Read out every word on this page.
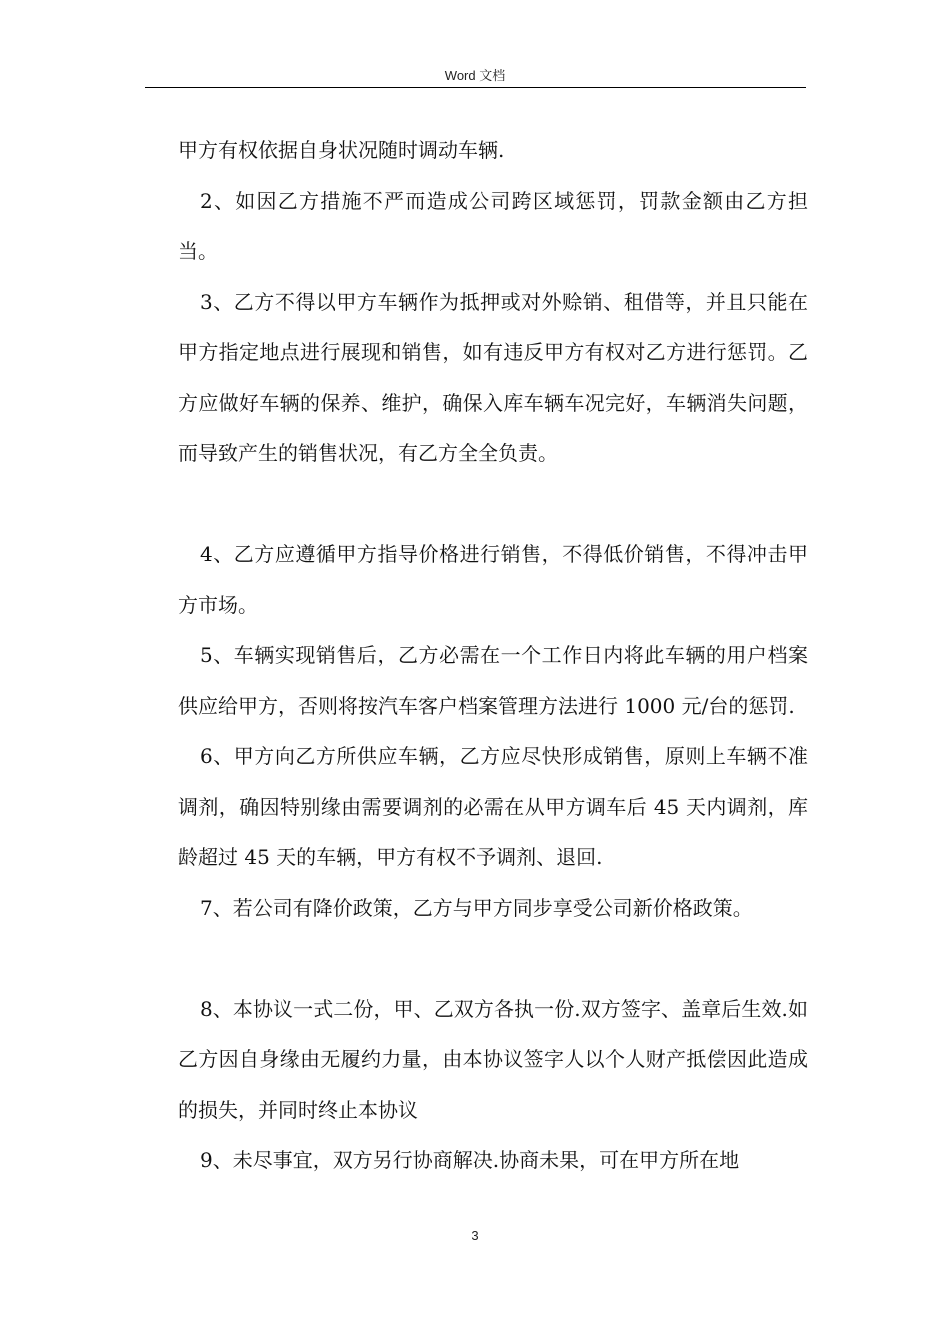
Word 文档

甲方有权依据自身状况随时调动车辆.

2、如因乙方措施不严而造成公司跨区域惩罚，罚款金额由乙方担当。

3、乙方不得以甲方车辆作为抵押或对外赊销、租借等，并且只能在甲方指定地点进行展现和销售，如有违反甲方有权对乙方进行惩罚。乙方应做好车辆的保养、维护，确保入库车辆车况完好，车辆消失问题，而导致产生的销售状况，有乙方全全负责。

4、乙方应遵循甲方指导价格进行销售，不得低价销售，不得冲击甲方市场。

5、车辆实现销售后，乙方必需在一个工作日内将此车辆的用户档案供应给甲方，否则将按汽车客户档案管理方法进行 1000 元/台的惩罚.

6、甲方向乙方所供应车辆，乙方应尽快形成销售，原则上车辆不准调剂，确因特别缘由需要调剂的必需在从甲方调车后 45 天内调剂，库龄超过 45 天的车辆，甲方有权不予调剂、退回.

7、若公司有降价政策，乙方与甲方同步享受公司新价格政策。

8、本协议一式二份，甲、乙双方各执一份.双方签字、盖章后生效.如乙方因自身缘由无履约力量，由本协议签字人以个人财产抵偿因此造成的损失，并同时终止本协议

9、未尽事宜，双方另行协商解决.协商未果，可在甲方所在地

3
